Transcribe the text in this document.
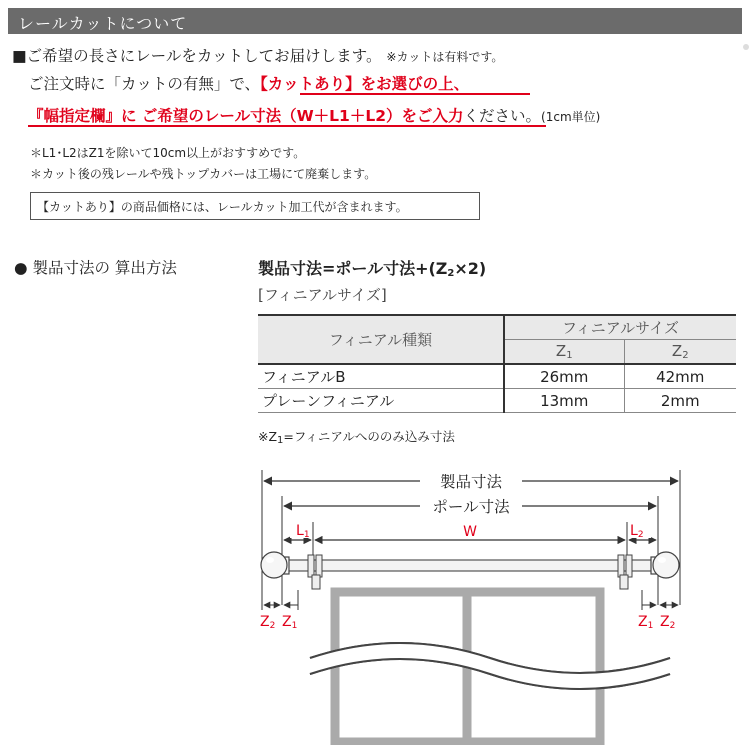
レールカットについて
■ご希望の長さにレールをカットしてお届けします。 ※カットは有料です。
ご注文時に「カットの有無」で、【カットあり】をお選びの上、
『幅指定欄』に ご希望のレール寸法（W＋L1＋L2）をご入力ください。(1cm単位)
＊L1･L2はZ1を除いて10cm以上がおすすめです。
＊カット後の残レールや残トップカバーは工場にて廃棄します。
【カットあり】の商品価格には、レールカット加工代が含まれます。
● 製品寸法の 算出方法	製品寸法=ポール寸法$+(Z_2\times 2)$
[フィニアルサイズ]
フィニアル種類	フィニアルサイズ	
	$Z_1$	$Z_2$
フィニアルB	26mm	42mm
プレーンフィニアル	13mm	2mm
$※Z_1=$フィニアルへののみ込み寸法
製品寸法
ポール寸法
L1	W	L2
Z2 Z1	Z1 Z2
